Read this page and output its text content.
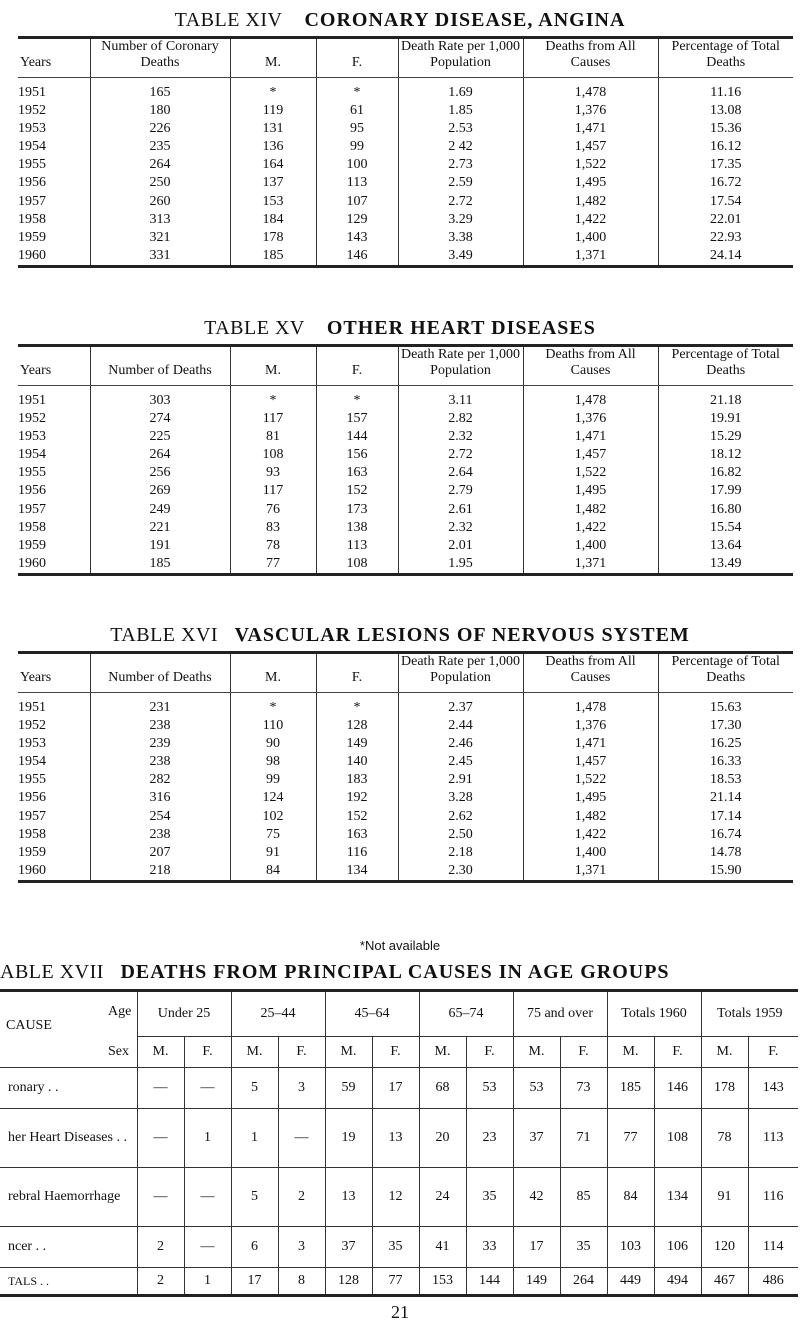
TABLE XIV CORONARY DISEASE, ANGINA
Years	Number of Coronary Deaths	M.	F.	Death Rate per 1,000 Population	Deaths from All Causes	Percentage of Total Deaths
1951	165	*	*	1.69	1,478	11.16
1952	180	119	61	1.85	1,376	13.08
1953	226	131	95	2.53	1,471	15.36
1954	235	136	99	2 42	1,457	16.12
1955	264	164	100	2.73	1,522	17.35
1956	250	137	113	2.59	1,495	16.72
1957	260	153	107	2.72	1,482	17.54
1958	313	184	129	3.29	1,422	22.01
1959	321	178	143	3.38	1,400	22.93
1960	331	185	146	3.49	1,371	24.14
TABLE XV OTHER HEART DISEASES
Years	Number of Deaths	M.	F.	Death Rate per 1,000 Population	Deaths from All Causes	Percentage of Total Deaths
1951	303	*	*	3.11	1,478	21.18
1952	274	117	157	2.82	1,376	19.91
1953	225	81	144	2.32	1,471	15.29
1954	264	108	156	2.72	1,457	18.12
1955	256	93	163	2.64	1,522	16.82
1956	269	117	152	2.79	1,495	17.99
1957	249	76	173	2.61	1,482	16.80
1958	221	83	138	2.32	1,422	15.54
1959	191	78	113	2.01	1,400	13.64
1960	185	77	108	1.95	1,371	13.49
TABLE XVI VASCULAR LESIONS OF NERVOUS SYSTEM
Years	Number of Deaths	M.	F.	Death Rate per 1,000 Population	Deaths from All Causes	Percentage of Total Deaths
1951	231	*	*	2.37	1,478	15.63
1952	238	110	128	2.44	1,376	17.30
1953	239	90	149	2.46	1,471	16.25
1954	238	98	140	2.45	1,457	16.33
1955	282	99	183	2.91	1,522	18.53
1956	316	124	192	3.28	1,495	21.14
1957	254	102	152	2.62	1,482	17.14
1958	238	75	163	2.50	1,422	16.74
1959	207	91	116	2.18	1,400	14.78
1960	218	84	134	2.30	1,371	15.90
*Not available
ABLE XVII DEATHS FROM PRINCIPAL CAUSES IN AGE GROUPS
Age
CAUSE
Sex	Under 25		25–44		45–64		65–74		75 and over		Totals 1960		Totals 1959	
	M.	F.	M.	F.	M.	F.	M.	F.	M.	F.	M.	F.	M.	F.
ronary . .	—	—	5	3	59	17	68	53	53	73	185	146	178	143
her Heart Diseases . .	—	1	1	—	19	13	20	23	37	71	77	108	78	113
rebral Haemorrhage	—	—	5	2	13	12	24	35	42	85	84	134	91	116
ncer . .	2	—	6	3	37	35	41	33	17	35	103	106	120	114
TALS . .	2	1	17	8	128	77	153	144	149	264	449	494	467	486
21
